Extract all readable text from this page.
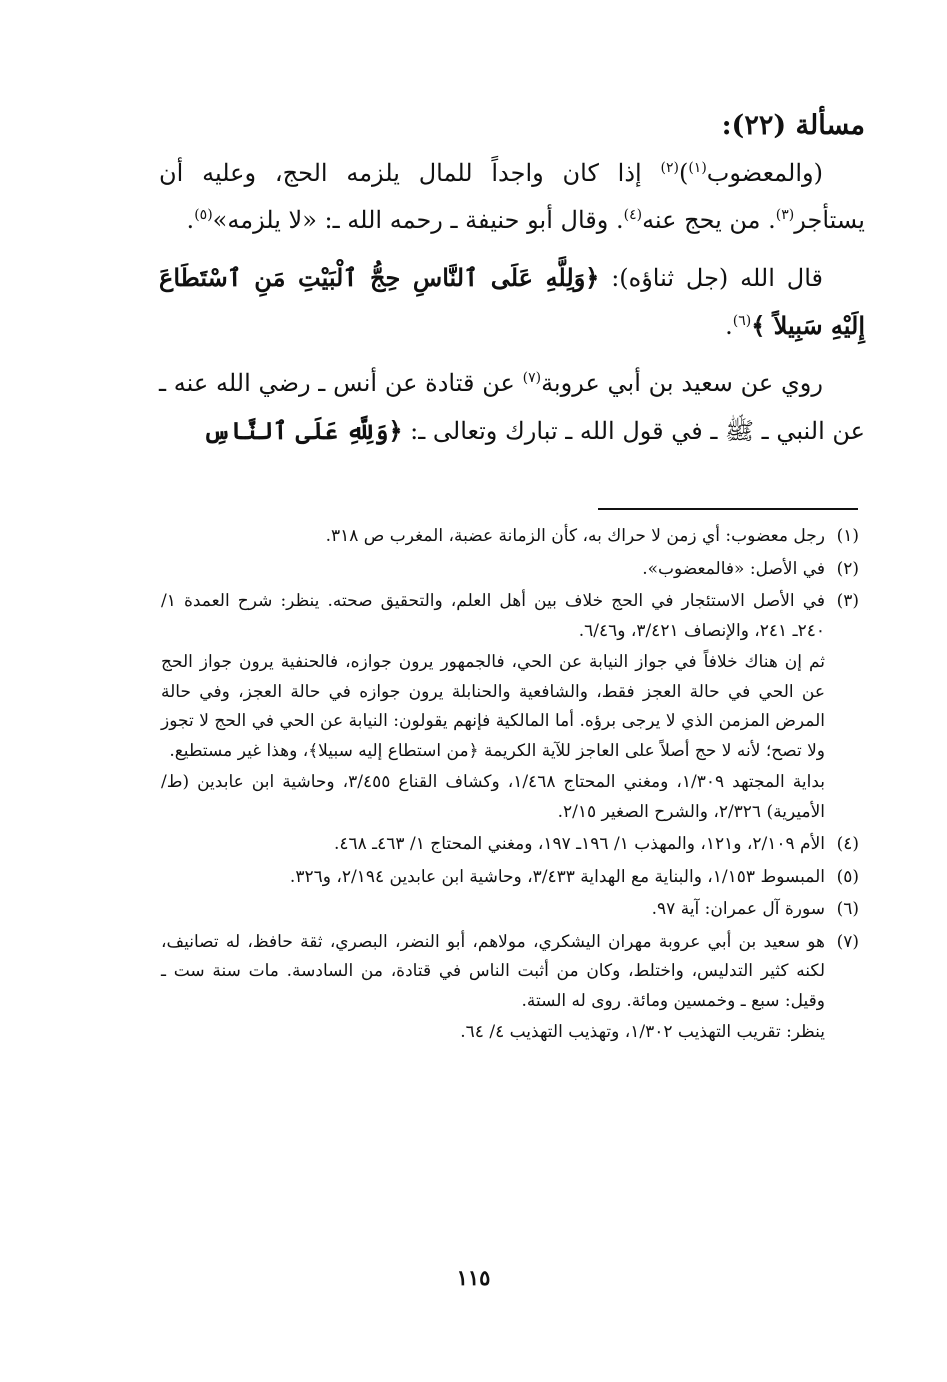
مسألة (٢٢):

(والمعضوب$^{(١)}$)$^{(٢)}$ إذا كان واجداً للمال يلزمه الحج، وعليه أن يستأجر$^{(٣)}$. من يحج عنه$^{(٤)}$. وقال أبو حنيفة ـ رحمه الله ـ: «لا يلزمه»$^{(٥)}$.

قال الله (جل ثناؤه): ﴿وَلِلَّهِ عَلَى ٱلنَّاسِ حِجُّ ٱلْبَيْتِ مَنِ ٱسْتَطَاعَ إِلَيْهِ سَبِيلاً ﴾$^{(٦)}$.

روي عن سعيد بن أبي عروبة$^{(٧)}$ عن قتادة عن أنس ـ رضي الله عنه ـ عن النبي ـ ﷺ ـ في قول الله ـ تبارك وتعالى ـ: ﴿وَلِلَّهِ عَلَى ٱلنَّاسِ

(١)
رجل معضوب: أي زمن لا حراك به، كأن الزمانة عضبة، المغرب ص ٣١٨.
(٢)
في الأصل: «فالمعضوب».
(٣)
في الأصل الاستئجار في الحج خلاف بين أهل العلم، والتحقيق صحته. ينظر: شرح العمدة ١/ ٢٤٠ـ ٢٤١، والإنصاف ٣/٤٢١، و٦/٤٦.
ثم إن هناك خلافاً في جواز النيابة عن الحي، فالجمهور يرون جوازه، فالحنفية يرون جواز الحج عن الحي في حالة العجز فقط، والشافعية والحنابلة يرون جوازه في حالة العجز، وفي حالة المرض المزمن الذي لا يرجى برؤه. أما المالكية فإنهم يقولون: النيابة عن الحي في الحج لا تجوز ولا تصح؛ لأنه لا حج أصلاً على العاجز للآية الكريمة ﴿من استطاع إليه سبيلا﴾، وهذا غير مستطيع.
بداية المجتهد ١/٣٠٩، ومغني المحتاج ١/٤٦٨، وكشاف القناع ٣/٤٥٥، وحاشية ابن عابدين (ط/ الأميرية) ٢/٣٢٦، والشرح الصغير ٢/١٥.
(٤)
الأم ٢/١٠٩، و١٢١، والمهذب ١/ ١٩٦ـ ١٩٧، ومغني المحتاج ١/ ٤٦٣ـ ٤٦٨.
(٥)
المبسوط ١/١٥٣، والبناية مع الهداية ٣/٤٣٣، وحاشية ابن عابدين ٢/١٩٤، و٣٢٦.
(٦)
سورة آل عمران: آية ٩٧.
(٧)
هو سعيد بن أبي عروبة مهران اليشكري، مولاهم، أبو النضر، البصري، ثقة حافظ، له تصانيف، لكنه كثير التدليس، واختلط، وكان من أثبت الناس في قتادة، من السادسة. مات سنة ست ـ وقيل: سبع ـ وخمسين ومائة. روى له الستة.
ينظر: تقريب التهذيب ١/٣٠٢، وتهذيب التهذيب ٤/ ٦٤.
١١٥
